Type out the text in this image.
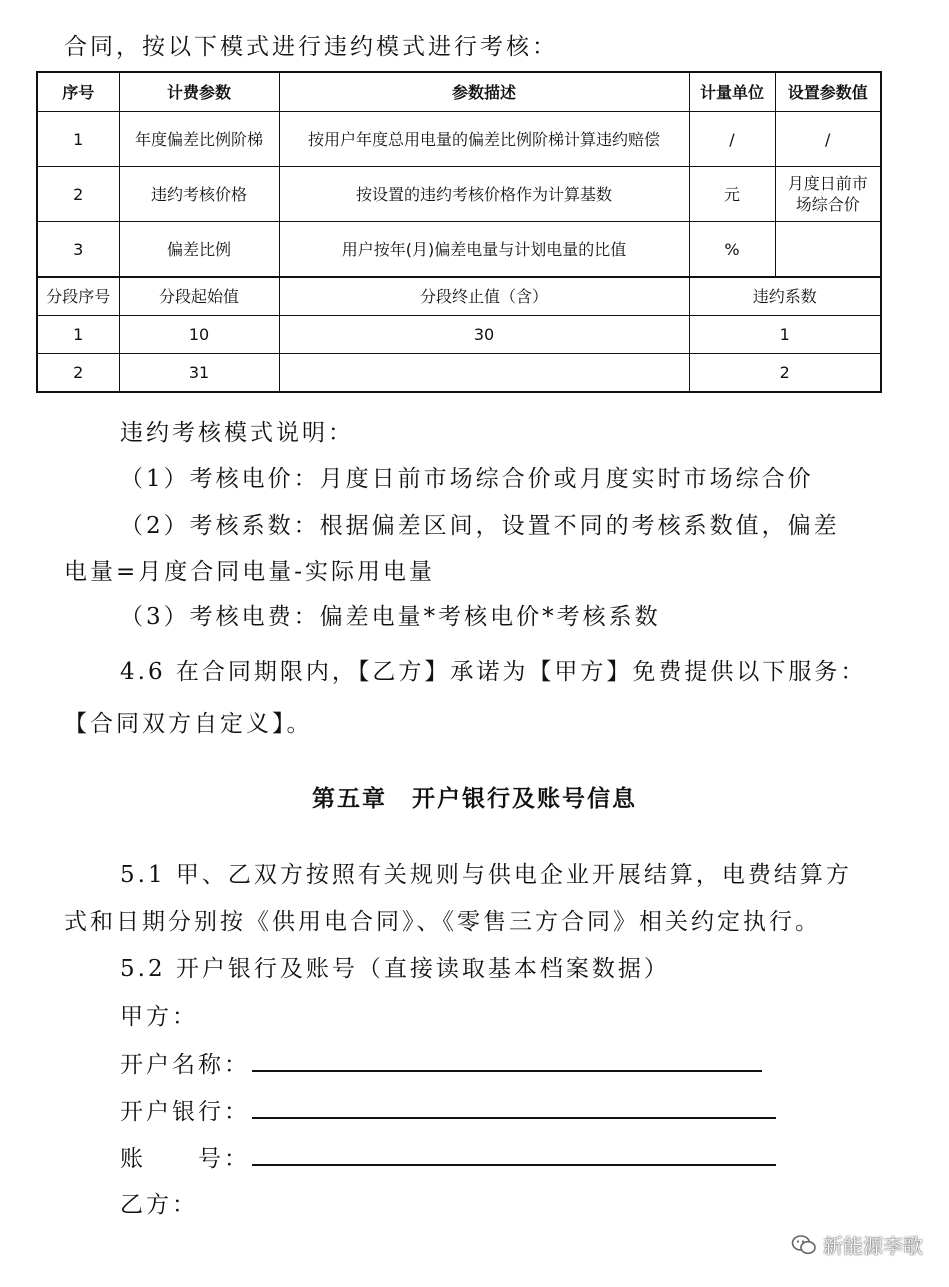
合同，按以下模式进行违约模式进行考核：
序号	计费参数	参数描述	计量单位	设置参数值
1	年度偏差比例阶梯	按用户年度总用电量的偏差比例阶梯计算违约赔偿	/	/
2	违约考核价格	按设置的违约考核价格作为计算基数	元	月度日前市场综合价
3	偏差比例	用户按年(月)偏差电量与计划电量的比值	%	
分段序号	分段起始值	分段终止值（含）	违约系数	
1	10	30	1	
2	31		2	
违约考核模式说明：
（1）考核电价：月度日前市场综合价或月度实时市场综合价
（2）考核系数：根据偏差区间，设置不同的考核系数值，偏差
电量=月度合同电量-实际用电量
（3）考核电费：偏差电量*考核电价*考核系数
4.6 在合同期限内，【乙方】承诺为【甲方】免费提供以下服务：
【合同双方自定义】。
第五章　开户银行及账号信息
5.1 甲、乙双方按照有关规则与供电企业开展结算，电费结算方
式和日期分别按《供用电合同》、《零售三方合同》相关约定执行。
5.2 开户银行及账号（直接读取基本档案数据）
甲方：
开户名称：
开户银行：
账　　号：
乙方：
新能源李歌
